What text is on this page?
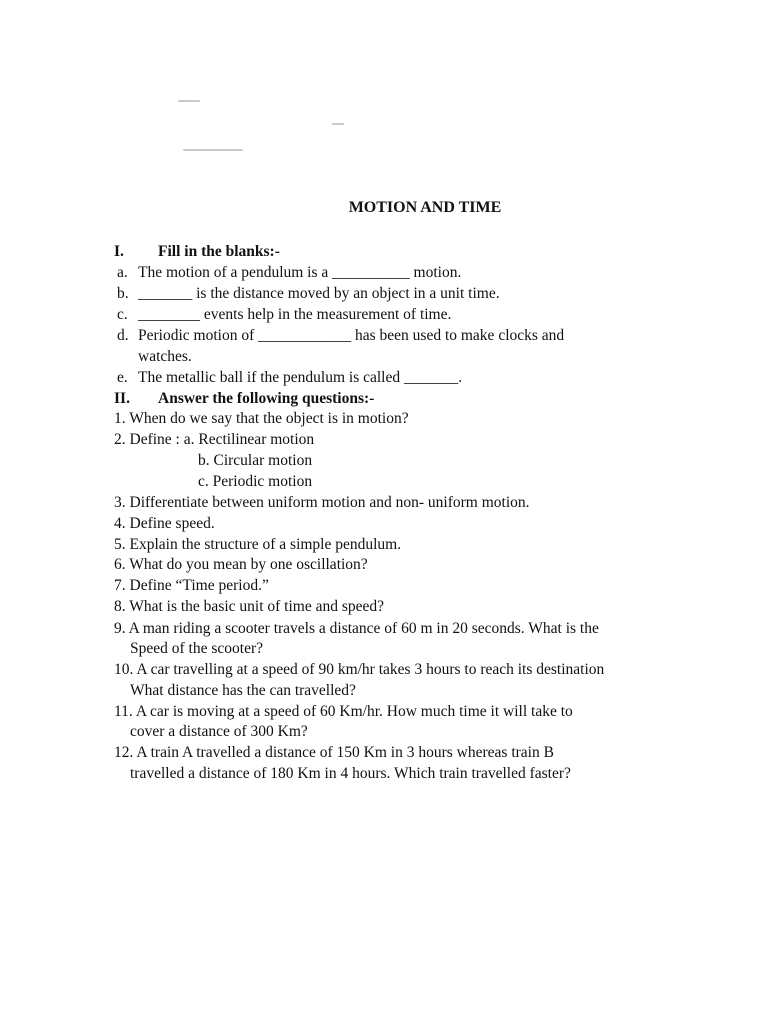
MOTION AND TIME
I. Fill in the blanks:-
a. The motion of a pendulum is a __________ motion.
b. _______ is the distance moved by an object in a unit time.
c. ________ events help in the measurement of time.
d. Periodic motion of ____________ has been used to make clocks and
watches.
e. The metallic ball if the pendulum is called _______.
II. Answer the following questions:-
1. When do we say that the object is in motion?
2. Define : a. Rectilinear motion
b. Circular motion
c. Periodic motion
3. Differentiate between uniform motion and non- uniform motion.
4. Define speed.
5. Explain the structure of a simple pendulum.
6. What do you mean by one oscillation?
7. Define “Time period.”
8. What is the basic unit of time and speed?
9. A man riding a scooter travels a distance of 60 m in 20 seconds. What is the
Speed of the scooter?
10. A car travelling at a speed of 90 km/hr takes 3 hours to reach its destination
What distance has the can travelled?
11. A car is moving at a speed of 60 Km/hr. How much time it will take to
cover a distance of 300 Km?
12. A train A travelled a distance of 150 Km in 3 hours whereas train B
travelled a distance of 180 Km in 4 hours. Which train travelled faster?
